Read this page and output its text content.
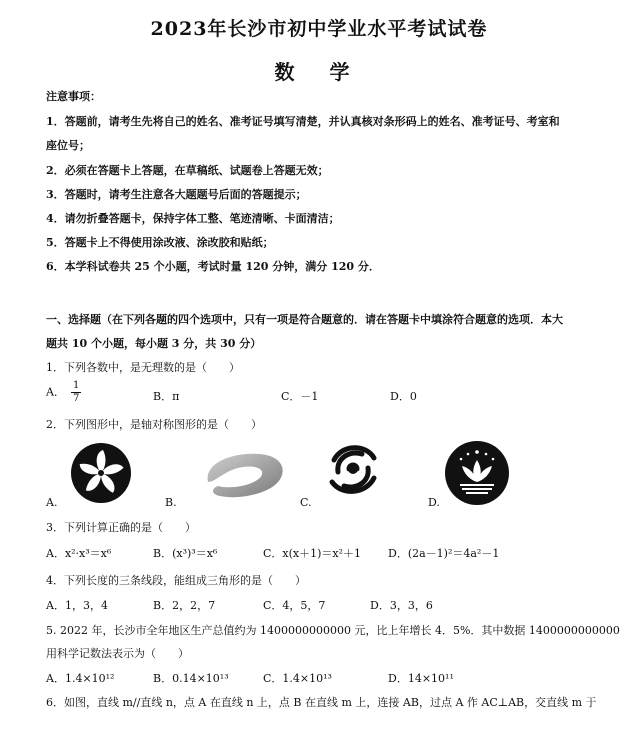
2023年长沙市初中学业水平考试试卷
数 学
注意事项：
1．答题前，请考生先将自己的姓名、准考证号填写清楚，并认真核对条形码上的姓名、准考证号、考室和
座位号；
2．必须在答题卡上答题，在草稿纸、试题卷上答题无效；
3．答题时，请考生注意各大题题号后面的答题提示；
4．请勿折叠答题卡，保持字体工整、笔迹清晰、卡面清洁；
5．答题卡上不得使用涂改液、涂改胶和贴纸；
6．本学科试卷共 25 个小题，考试时量 120 分钟，满分 120 分．
一、选择题（在下列各题的四个选项中，只有一项是符合题意的．请在答题卡中填涂符合题意的选项．本大
题共 10 个小题，每小题 3 分，共 30 分）
1．下列各数中，是无理数的是（　　）
A． $\frac{1}{7}$	B．π	C．－1	D．0
2．下列图形中，是轴对称图形的是（　　）
A.	B.	C.	D.
3．下列计算正确的是（　　）
A．x²·x³＝x⁶	B．(x³)³＝x⁶	C．x(x＋1)＝x²＋1 D．(2a－1)²＝4a²－1
4．下列长度的三条线段，能组成三角形的是（　　）
A．1，3，4	B．2，2，7	C．4，5，7	D．3，3，6
5. 2022 年，长沙市全年地区生产总值约为 1400000000000 元，比上年增长 4．5%．其中数据 1400000000000
用科学记数法表示为（　　）
A．1.4×10¹²	B．0.14×10¹³	C．1.4×10¹³	D．14×10¹¹
6．如图，直线 m//直线 n，点 A 在直线 n 上，点 B 在直线 m 上，连接 AB，过点 A 作 AC⊥AB，交直线 m 于
